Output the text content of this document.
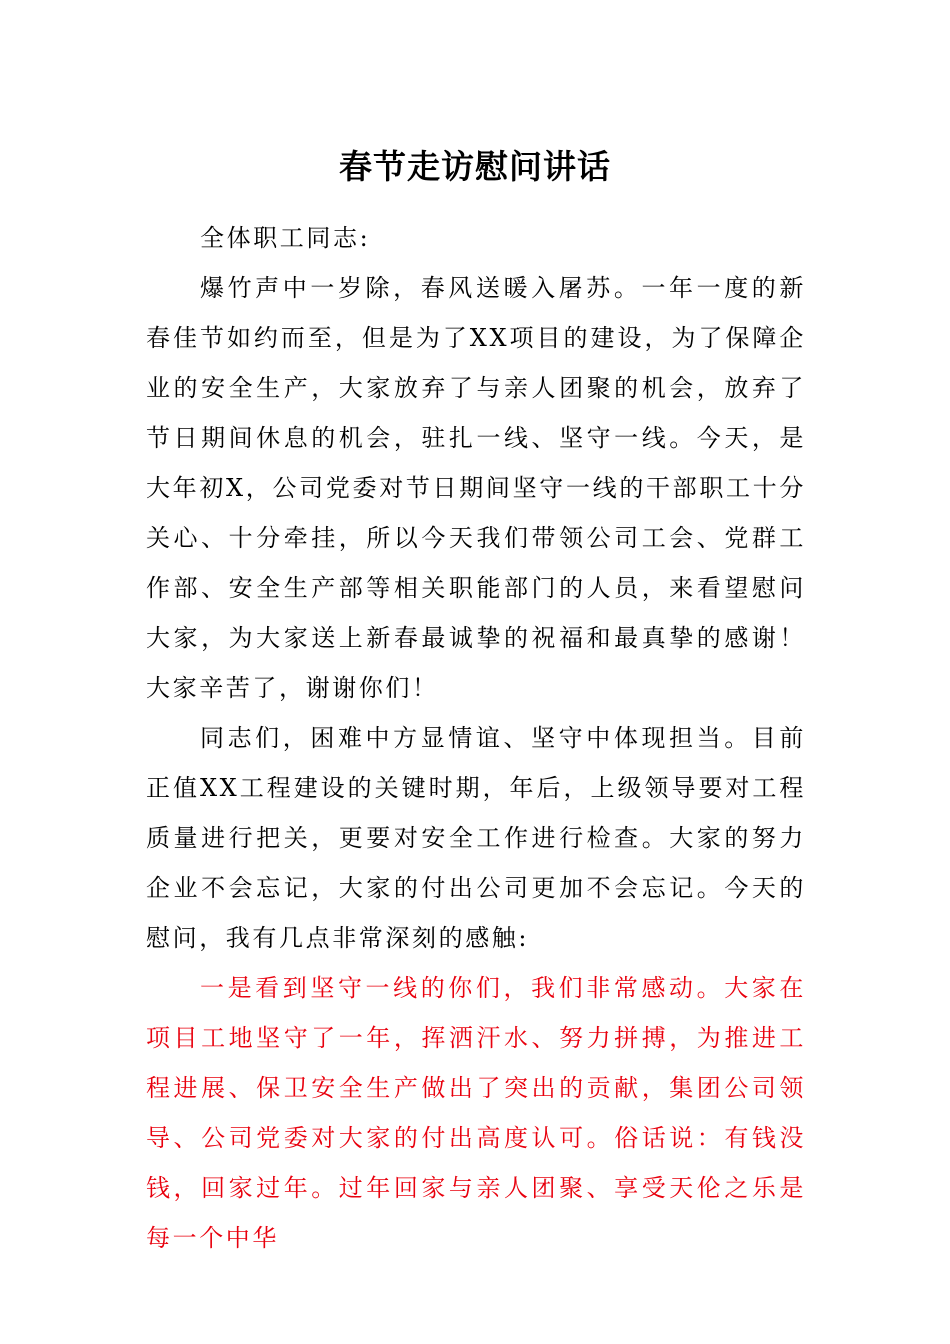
春节走访慰问讲话

全体职工同志:

爆竹声中一岁除，春风送暖入屠苏。一年一度的新春佳节如约而至，但是为了XX项目的建设，为了保障企业的安全生产，大家放弃了与亲人团聚的机会，放弃了节日期间休息的机会，驻扎一线、坚守一线。今天，是大年初X，公司党委对节日期间坚守一线的干部职工十分关心、十分牵挂，所以今天我们带领公司工会、党群工作部、安全生产部等相关职能部门的人员，来看望慰问大家，为大家送上新春最诚挚的祝福和最真挚的感谢！大家辛苦了，谢谢你们！

同志们，困难中方显情谊、坚守中体现担当。目前正值XX工程建设的关键时期，年后，上级领导要对工程质量进行把关，更要对安全工作进行检查。大家的努力企业不会忘记，大家的付出公司更加不会忘记。今天的慰问，我有几点非常深刻的感触:

一是看到坚守一线的你们，我们非常感动。大家在项目工地坚守了一年，挥洒汗水、努力拼搏，为推进工程进展、保卫安全生产做出了突出的贡献，集团公司领导、公司党委对大家的付出高度认可。俗话说：有钱没钱，回家过年。过年回家与亲人团聚、享受天伦之乐是每一个中华
